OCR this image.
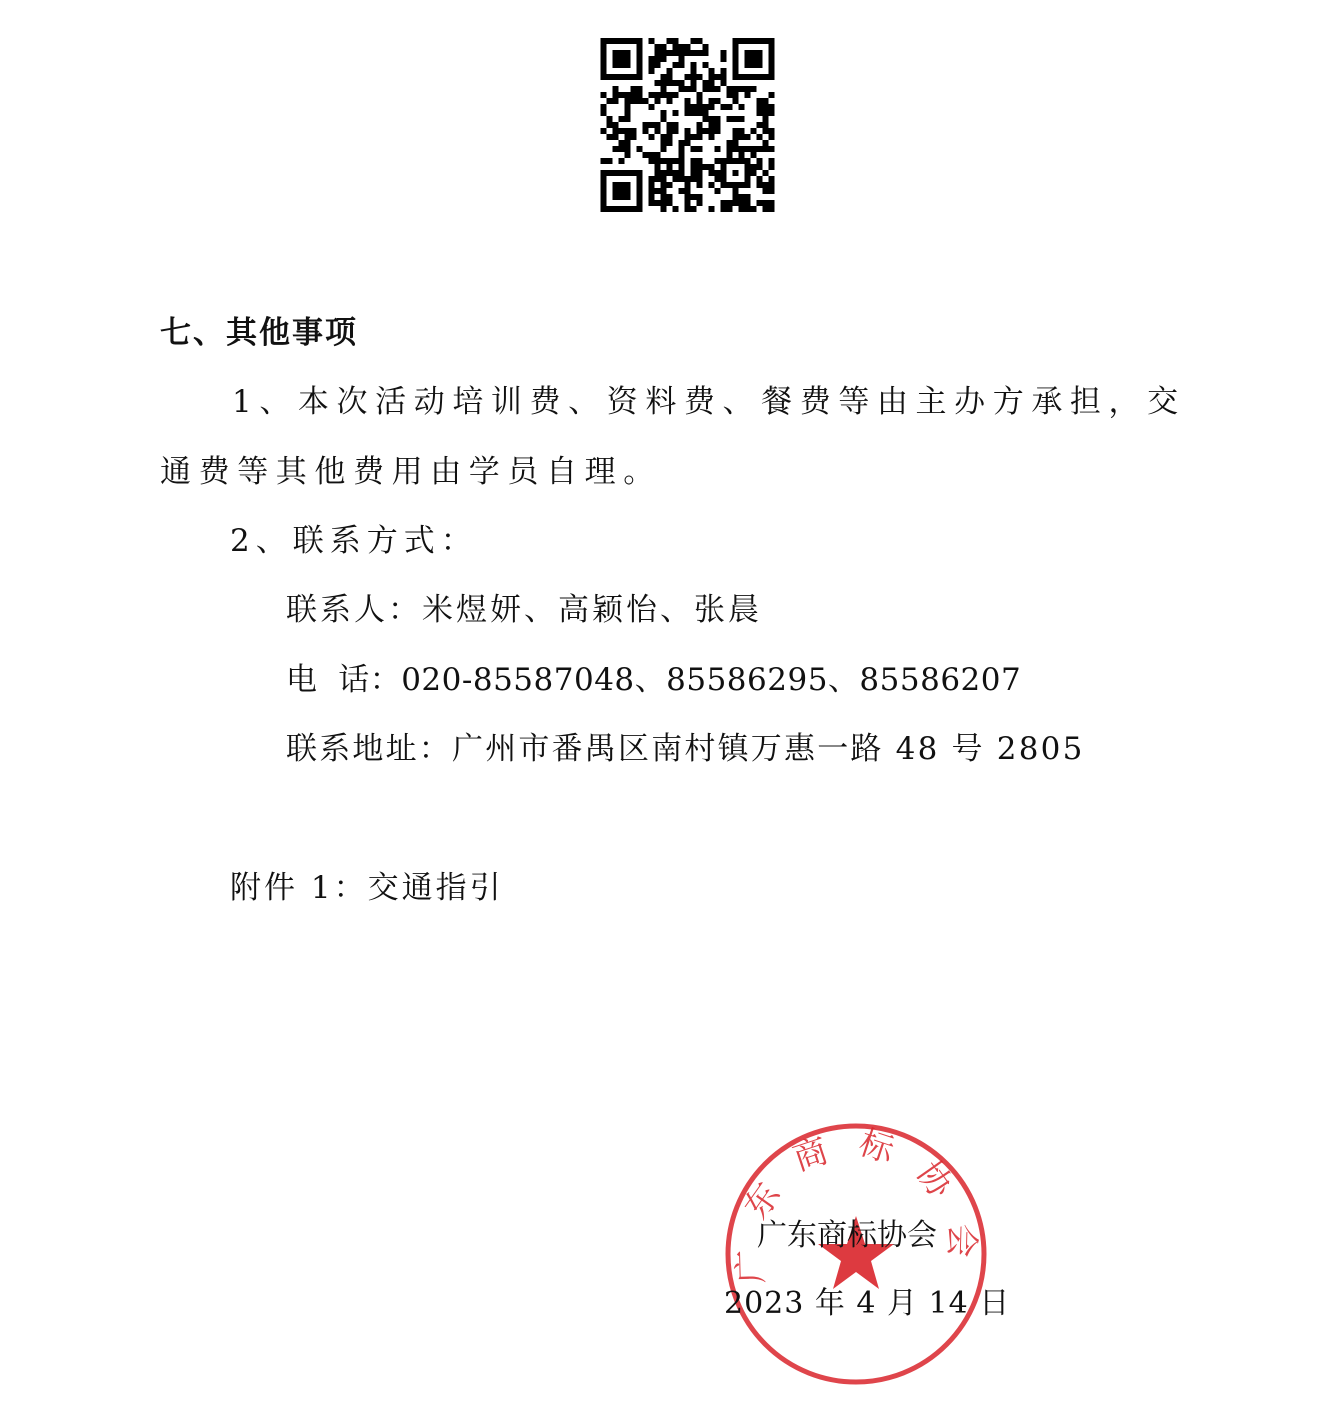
七、其他事项
1、本次活动培训费、资料费、餐费等由主办方承担，交
通费等其他费用由学员自理。
2、联系方式：
联系人：米煜妍、高颖怡、张晨
电  话：020-85587048、85586295、85586207
联系地址：广州市番禺区南村镇万惠一路 48 号 2805
附件 1：交通指引
广东商标协会
广东商标协会
2023 年 4 月 14 日
